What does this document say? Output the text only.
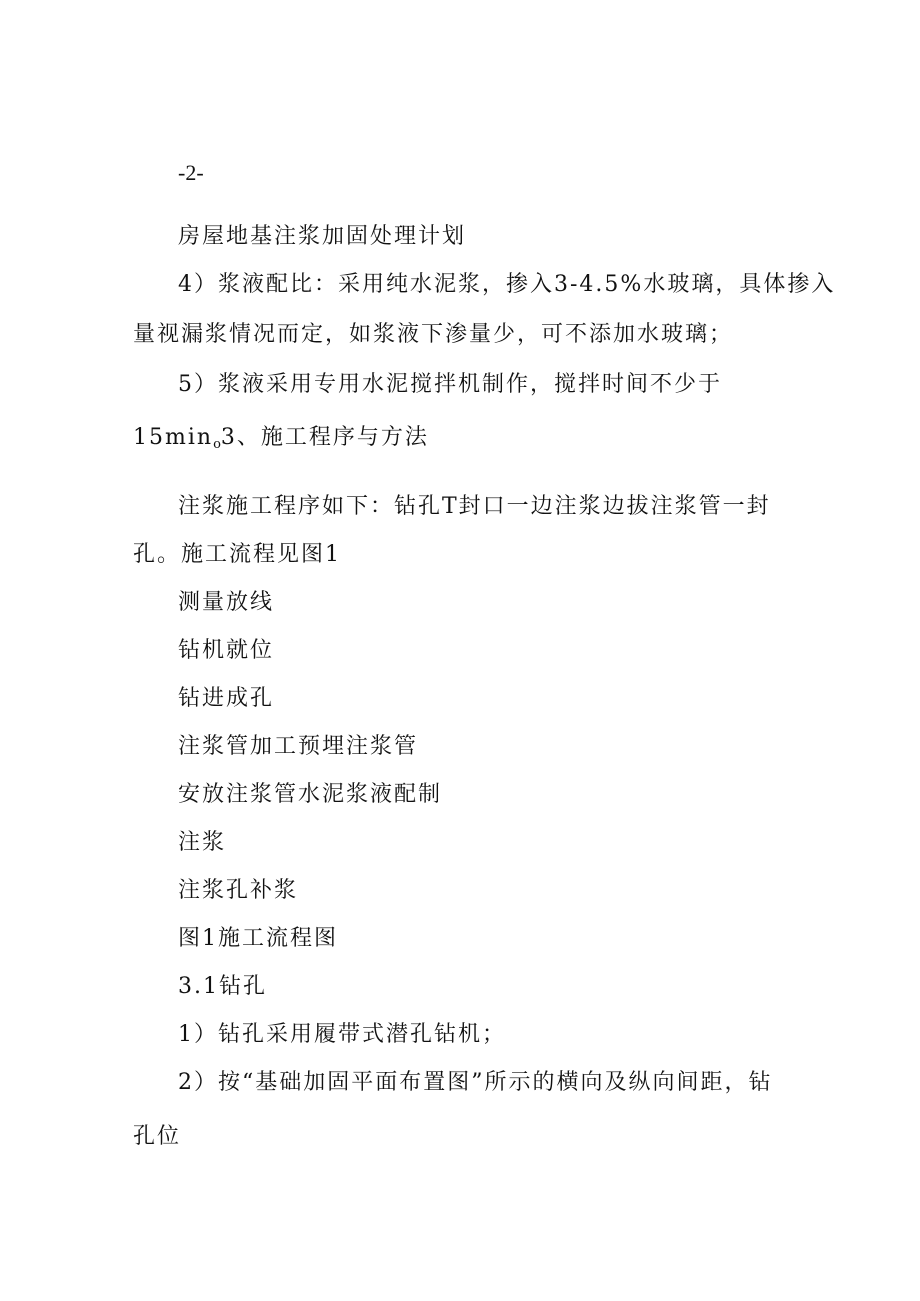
-2-
房屋地基注浆加固处理计划
4）浆液配比：采用纯水泥浆，掺入3-4.5%水玻璃，具体掺入
量视漏浆情况而定，如浆液下渗量少，可不添加水玻璃；
5）浆液采用专用水泥搅拌机制作，搅拌时间不少于
$15\min_o3$、施工程序与方法
注浆施工程序如下：钻孔T封口一边注浆边拔注浆管一封
孔。施工流程见图1
测量放线
钻机就位
钻进成孔
注浆管加工预埋注浆管
安放注浆管水泥浆液配制
注浆
注浆孔补浆
图1施工流程图
3.1钻孔
1）钻孔采用履带式潜孔钻机；
2）按“基础加固平面布置图”所示的横向及纵向间距，钻
孔位
